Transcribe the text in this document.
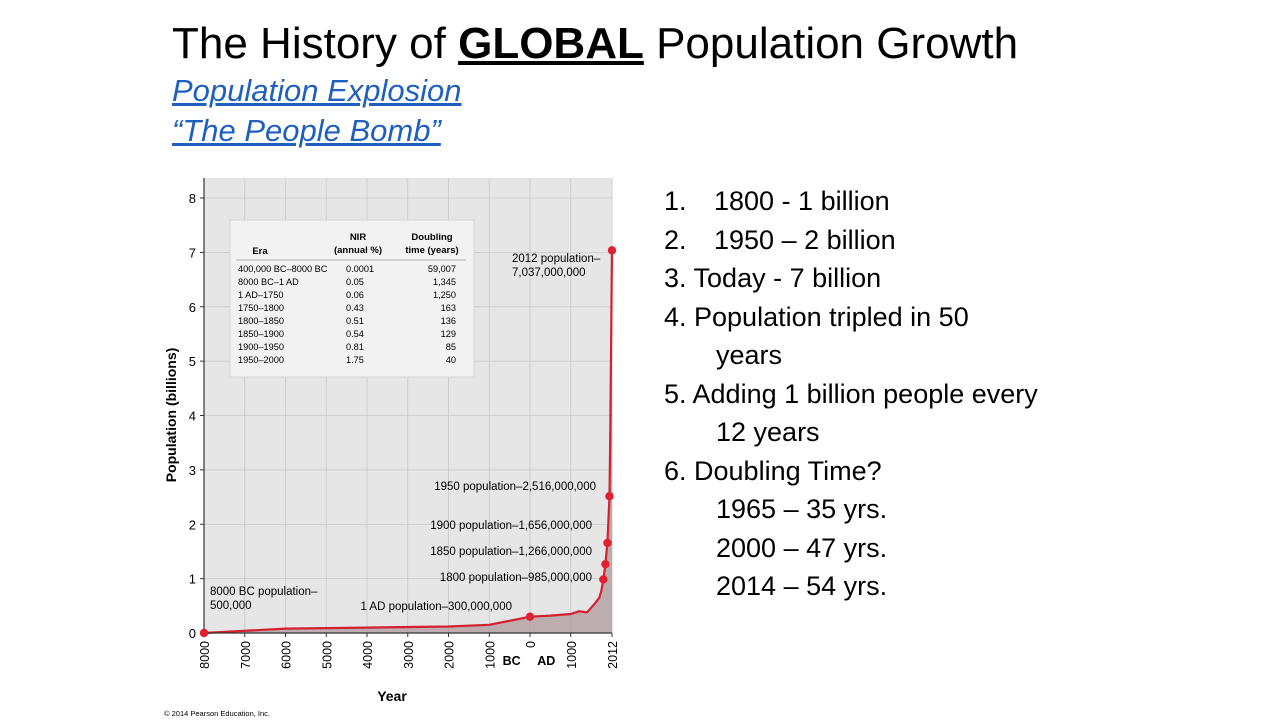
The History of GLOBAL Population Growth
Population Explosion
“The People Bomb”
0
1
2
3
4
5
6
7
8
8000 7000 6000 5000 4000 3000 2000 1000 0 1000 2012
BC AD
Year
Population (billions)
8000 BC population– 500,000	1 AD population–300,000,000
1800 population–985,000,000
1850 population–1,266,000,000
1900 population–1,656,000,000
1950 population–2,516,000,000
2012 population– 7,037,000,000
Era
NIR
(annual %)
Doubling
time (years)
400,000 BC–8000 BC 0.0001	59,007
8000 BC–1 AD	0.05	1,345
1 AD–1750	0.06	1,250
1750–1800	0.43	163
1800–1850	0.51	136
1850–1900	0.54	129
1900–1950	0.81	85
1950–2000	1.75	40
© 2014 Pearson Education, Inc.
1. 1800 - 1 billion
2. 1950 – 2 billion
3. Today - 7 billion
4. Population tripled in 50
years
5. Adding 1 billion people every
12 years
6. Doubling Time?
1965 – 35 yrs.
2000 – 47 yrs.
2014 – 54 yrs.
